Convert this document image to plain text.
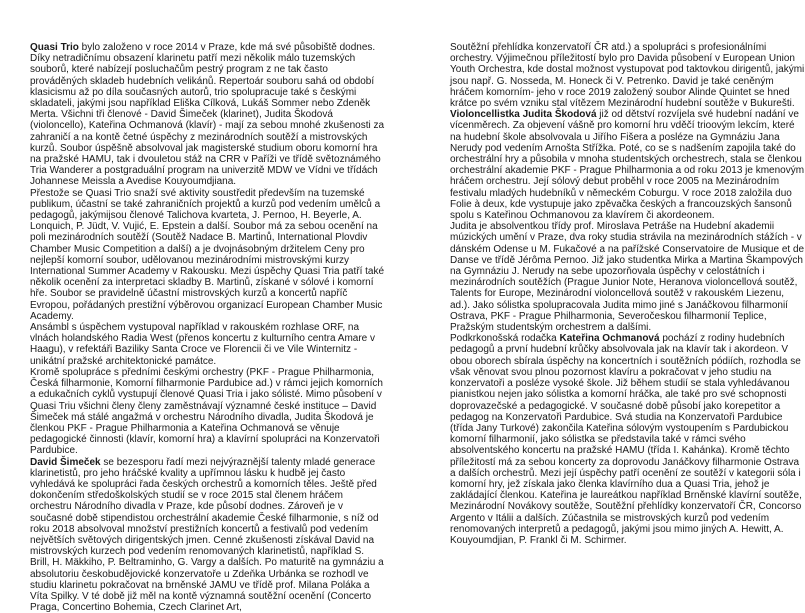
Quasi Trio bylo založeno v roce 2014 v Praze, kde má své působiště dodnes. Díky netradičnímu obsazení klarinetu patří mezi několik málo tuzemských souborů, které nabízejí posluchačům pestrý program z ne tak často prováděných skladeb hudebních velikánů. Repertoár souboru sahá od období klasicismu až po díla současných autorů, trio spolupracuje také s českými skladateli, jakými jsou například Eliška Cílková, Lukáš Sommer nebo Zdeněk Merta. Všichni tři členové - David Šimeček (klarinet), Judita Škodová (violoncello), Kateřina Ochmanová (klavír) - mají za sebou mnohé zkušenosti za zahraničí a na kontě četné úspěchy z mezinárodních soutěží a mistrovských kurzů. Soubor úspěšně absolvoval jak magisterské studium oboru komorní hra na pražské HAMU, tak i dvouletou stáž na CRR v Paříži ve třídě světoznámého Tria Wanderer a postgraduální program na univerzitě MDW ve Vídni ve třídách Johannese Meissla a Avedise Kouyoumdjiana.

Přestože se Quasi Trio snaží své aktivity soustředit především na tuzemské publikum, účastní se také zahraničních projektů a kurzů pod vedením umělců a pedagogů, jakýmijsou členové Talichova kvarteta, J. Pernoo, H. Beyerle, A. Lonquich, P. Jüdt, V. Vujić, E. Epstein a další. Soubor má za sebou ocenění na poli mezinárodních soutěží (Soutěž Nadace B. Martinů, International Plovdiv Chamber Music Competition a další) a je dvojnásobným držitelem Ceny pro nejlepší komorní soubor, udělovanou mezinárodními mistrovskými kurzy International Summer Academy v Rakousku. Mezi úspěchy Quasi Tria patří také několik ocenění za interpretaci skladby B. Martinů, získané v sólové i komorní hře. Soubor se pravidelně účastní mistrovských kurzů a koncertů napříč Evropou, pořádaných prestižní výběrovou organizací European Chamber Music Academy.

Ansámbl s úspěchem vystupoval například v rakouském rozhlase ORF, na vlnách holandského Radia West (přenos koncertu z kulturního centra Amare v Haagu), v refektáři Baziliky Santa Croce ve Florencii či ve Vile Winternitz - unikátní pražské architektonické památce.

Kromě spolupráce s předními českými orchestry (PKF - Prague Philharmonia, Česká filharmonie, Komorní filharmonie Pardubice ad.) v rámci jejich komorních a edukačních cyklů vystupují členové Quasi Tria i jako sólisté. Mimo působení v Quasi Triu všichni členy členy zaměstnávají významné české instituce – David Šimeček má stálé angažmá v orchestru Národního divadla, Judita Škodová je členkou PKF - Prague Philharmonia a Kateřina Ochmanová se věnuje pedagogické činnosti (klavír, komorní hra) a klavírní spolupráci na Konzervatoři Pardubice.

David Šimeček se bezesporu řadí mezi nejvýraznější talenty mladé generace klarinetistů, pro jeho hráčské kvality a upřímnou lásku k hudbě jej často vyhledává ke spolupráci řada českých orchestrů a komorních těles. Ještě před dokončením středoškolských studií se v roce 2015 stal členem hráčem orchestru Národního divadla v Praze, kde působí dodnes. Zároveň je v současné době stipendistou orchestrální akademie České filharmonie, s níž od roku 2018 absolvoval množství prestižních koncertů a festivalů pod vedením největších světových dirigentských jmen. Cenné zkušenosti získával David na mistrovských kurzech pod vedením renomovaných klarinetistů, například S. Brill, H. Mäkkiho, P. Beltraminho, G. Vargy a dalších. Po maturitě na gymnáziu a absolutoriu českobudějovické konzervatoře u Zdeňka Urbánka se rozhodl ve studiu klarinetu pokračovat na brněnské JAMU ve třídě prof. Milana Poláka a Víta Spilky. V té době již měl na kontě významná soutěžní ocenění (Concerto Praga, Concertino Bohemia, Czech Clarinet Art,

Soutěžní přehlídka konzervatoří ČR atd.) a spolupráci s profesionálními orchestry. Výjimečnou příležitostí bylo pro Davida působení v European Union Youth Orchestra, kde dostal možnost vystupovat pod taktovkou dirigentů, jakými jsou např. G. Nosseda, M. Honeck či V. Petrenko. David je také ceněným hráčem komorním- jeho v roce 2019 založený soubor Alinde Quintet se hned krátce po svém vzniku stal vítězem Mezinárodní hudební soutěže v Bukurešti.

Violoncellistka Judita Škodová již od dětství rozvíjela své hudební nadání ve vícenměrech. Za objevení vášně pro komorní hru vděčí trioovým lekcím, které na hudební škole absolvovala u Jiřího Fišera a posléze na Gymnáziu Jana Nerudy pod vedením Arnošta Střížka. Poté, co se s nadšením zapojila také do orchestrální hry a působila v mnoha studentských orchestrech, stala se členkou orchestrální akademie PKF - Prague Philharmonia a od roku 2013 je kmenovým hráčem orchestru. Její sólový debut proběhl v roce 2005 na Mezinárodním festivalu mladých hudebníků v německém Coburgu. V roce 2018 založila duo Folie à deux, kde vystupuje jako zpěvačka českých a francouzských šansonů spolu s Kateřinou Ochmanovou za klavírem či akordeonem.

Judita je absolventkou třídy prof. Miroslava Petráše na Hudební akademii múzických umění v Praze, dva roky studia strávila na mezinárodních stážích - v dánském Odense u M. Fukačové a na pařížské Conservatoire de Musique et de Danse ve třídě Jérôma Pernoo. Již jako studentka Mirka a Martina Škampových na Gymnáziu J. Nerudy na sebe upozorňovala úspěchy v celostátních i mezinárodních soutěžích (Prague Junior Note, Heranova violoncellová soutěž, Talents for Europe, Mezinárodní violoncellová soutěž v rakouském Liezenu, ad.). Jako sólistka spolupracovala Judita mimo jiné s Janáčkovou filharmonií Ostrava, PKF - Prague Philharmonia, Severočeskou filharmonií Teplice, Pražským studentským orchestrem a dalšími.

Podkrkonošská rodačka Kateřina Ochmanová pochází z rodiny hudebních pedagogů a první hudební krůčky absolvovala jak na klavír tak i akordeon. V obou oborech sbírala úspěchy na koncertních i soutěžních pódiích, rozhodla se však věnovat svou plnou pozornost klavíru a pokračovat v jeho studiu na konzervatoři a posléze vysoké škole. Již během studií se stala vyhledávanou pianistkou nejen jako sólistka a komorní hráčka, ale také pro své schopnosti doprovazečské a pedagogické. V současné době působí jako korepetitor a pedagog na Konzervatoři Pardubice. Svá studia na Konzervatoři Pardubice (třída Jany Turkové) zakončila Kateřina sólovým vystoupením s Pardubickou komorní filharmonií, jako sólistka se představila také v rámci svého absolventského koncertu na pražské HAMU (třída I. Kahánka). Kromě těchto příležitostí má za sebou koncerty za doprovodu Janáčkovy filharmonie Ostrava a dalších orchestrů. Mezi její úspěchy patří ocenění ze soutěží v kategorii sóla i komorní hry, jež získala jako členka klavírního dua a Quasi Tria, jehož je zakládající členkou. Kateřina je laureátkou například Brněnské klavírní soutěže, Mezinárodní Novákovy soutěže, Soutěžní přehlídky konzervatoří ČR, Concorso Argento v Itálii a dalších. Zúčastnila se mistrovských kurzů pod vedením renomovaných interpretů a pedagogů, jakými jsou mimo jiných A. Hewitt, A. Kouyoumdjian, P. Frankl či M. Schirmer.
